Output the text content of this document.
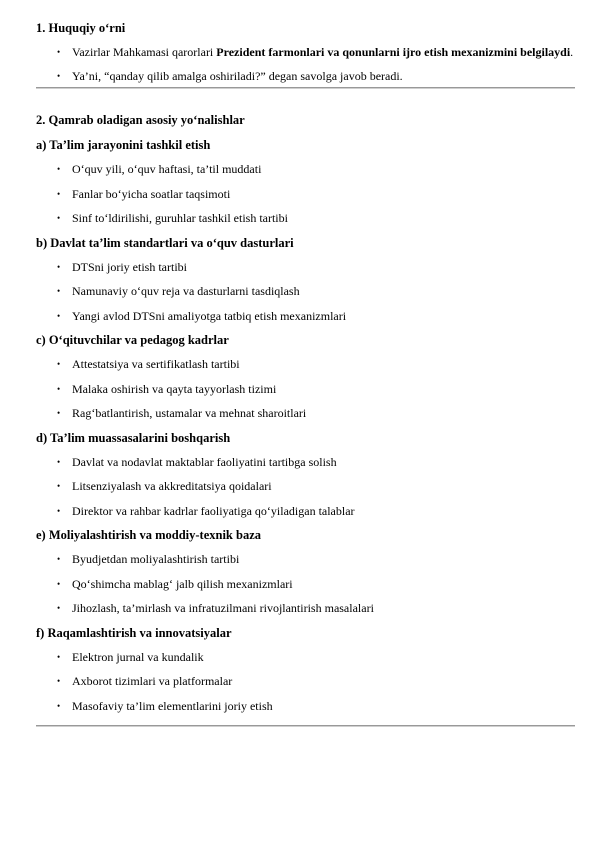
1. Huquqiy o‘rni

• Vazirlar Mahkamasi qarorlari Prezident farmonlari va qonunlarni ijro etish mexanizmini belgilaydi.
• Ya’ni, “qanday qilib amalga oshiriladi?” degan savolga javob beradi.

2. Qamrab oladigan asosiy yo‘nalishlar

a) Ta’lim jarayonini tashkil etish

• O‘quv yili, o‘quv haftasi, ta’til muddati
• Fanlar bo‘yicha soatlar taqsimoti
• Sinf to‘ldirilishi, guruhlar tashkil etish tartibi

b) Davlat ta’lim standartlari va o‘quv dasturlari

• DTSni joriy etish tartibi
• Namunaviy o‘quv reja va dasturlarni tasdiqlash
• Yangi avlod DTSni amaliyotga tatbiq etish mexanizmlari

c) O‘qituvchilar va pedagog kadrlar

• Attestatsiya va sertifikatlash tartibi
• Malaka oshirish va qayta tayyorlash tizimi
• Rag‘batlantirish, ustamalar va mehnat sharoitlari

d) Ta’lim muassasalarini boshqarish

• Davlat va nodavlat maktablar faoliyatini tartibga solish
• Litsenziyalash va akkreditatsiya qoidalari
• Direktor va rahbar kadrlar faoliyatiga qo‘yiladigan talablar

e) Moliyalashtirish va moddiy-texnik baza

• Byudjetdan moliyalashtirish tartibi
• Qo‘shimcha mablag‘ jalb qilish mexanizmlari
• Jihozlash, ta’mirlash va infratuzilmani rivojlantirish masalalari

f) Raqamlashtirish va innovatsiyalar

• Elektron jurnal va kundalik
• Axborot tizimlari va platformalar
• Masofaviy ta’lim elementlarini joriy etish
